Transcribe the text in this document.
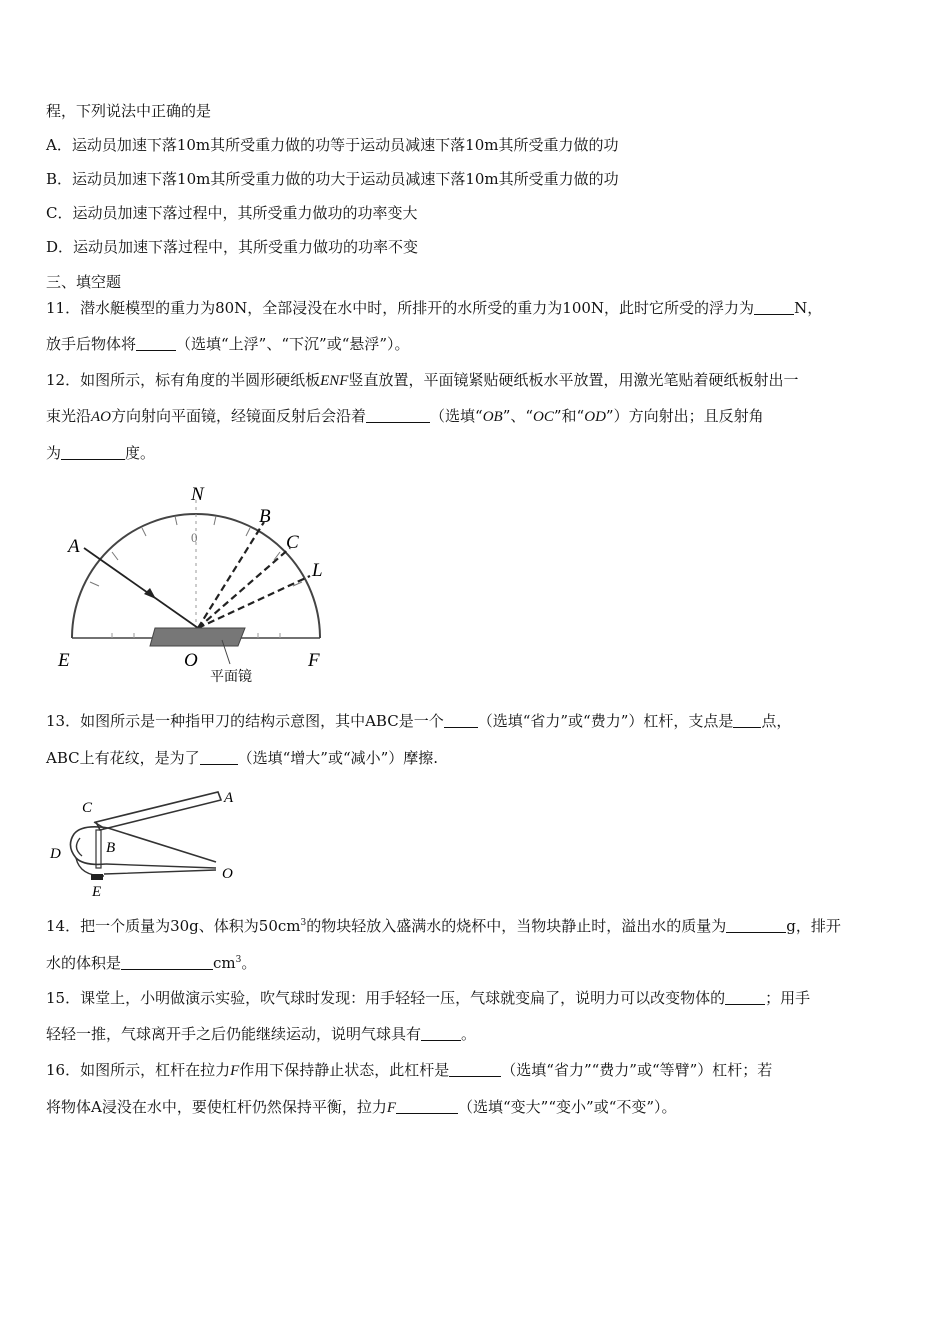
程，下列说法中正确的是
A．运动员加速下落10m其所受重力做的功等于运动员减速下落10m其所受重力做的功
B．运动员加速下落10m其所受重力做的功大于运动员减速下落10m其所受重力做的功
C．运动员加速下落过程中，其所受重力做功的功率变大
D．运动员加速下落过程中，其所受重力做功的功率不变
三、填空题
11．潜水艇模型的重力为80N，全部浸没在水中时，所排开的水所受的重力为100N，此时它所受的浮力为	N，
放手后物体将	（选填“上浮”、“下沉”或“悬浮”）。
12．如图所示，标有角度的半圆形硬纸板ENF竖直放置，平面镜紧贴硬纸板水平放置，用激光笔贴着硬纸板射出一
束光沿AO方向射向平面镜，经镜面反射后会沿着	（选填“OB”、“OC”和“OD”）方向射出；且反射角
为	度。
A
N
0
B
C
L
E	O	F
平面镜
13．如图所示是一种指甲刀的结构示意图，其中ABC是一个 （选填“省力”或“费力”）杠杆，支点是 点，
ABC上有花纹，是为了	（选填“增大”或“减小”）摩擦.
C
A
D	B
E
O
14．把一个质量为30g、体积为$50cm^3$的物块轻放入盛满水的烧杯中，当物块静止时，溢出水的质量为	g，排开
水的体积是	$cm^3$。
15．课堂上，小明做演示实验，吹气球时发现：用手轻轻一压，气球就变扁了，说明力可以改变物体的	；用手
轻轻一推，气球离开手之后仍能继续运动，说明气球具有	。
16．如图所示，杠杆在拉力F作用下保持静止状态，此杠杆是	（选填“省力”“费力”或“等臂”）杠杆；若
将物体A浸没在水中，要使杠杆仍然保持平衡，拉力F	（选填“变大”“变小”或“不变”）。
